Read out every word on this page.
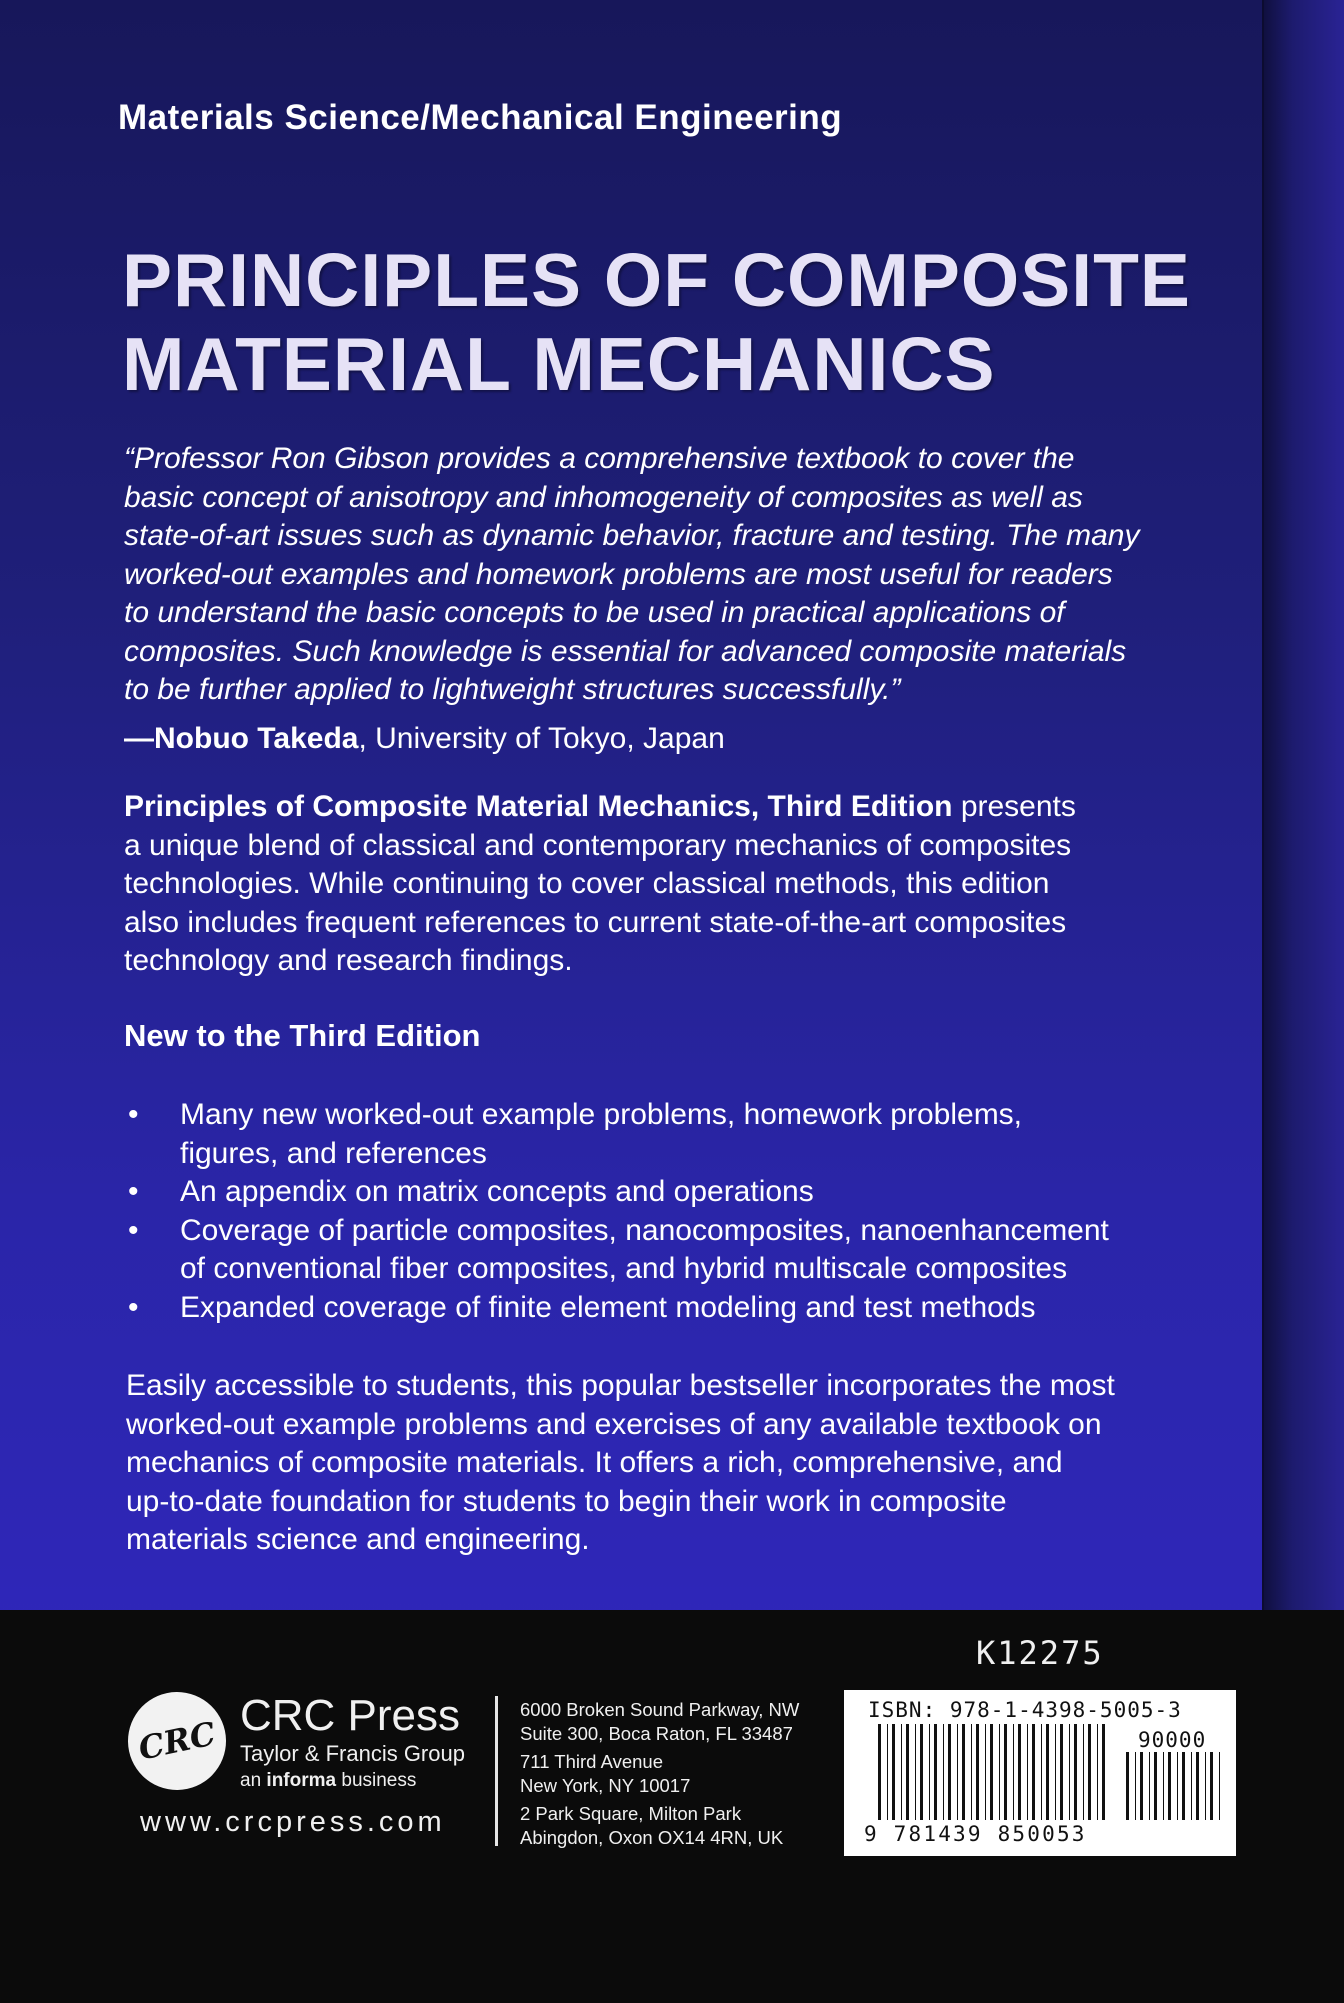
Materials Science/Mechanical Engineering
PRINCIPLES OF COMPOSITE
MATERIAL MECHANICS

“Professor Ron Gibson provides a comprehensive textbook to cover the
basic concept of anisotropy and inhomogeneity of composites as well as
state-of-art issues such as dynamic behavior, fracture and testing. The many
worked-out examples and homework problems are most useful for readers
to understand the basic concepts to be used in practical applications of
composites. Such knowledge is essential for advanced composite materials
to be further applied to lightweight structures successfully.”

—Nobuo Takeda, University of Tokyo, Japan

Principles of Composite Material Mechanics, Third Edition presents
a unique blend of classical and contemporary mechanics of composites
technologies. While continuing to cover classical methods, this edition
also includes frequent references to current state-of-the-art composites
technology and research findings.

New to the Third Edition
• Many new worked-out example problems, homework problems,
figures, and references
• An appendix on matrix concepts and operations
• Coverage of particle composites, nanocomposites, nanoenhancement
of conventional fiber composites, and hybrid multiscale composites
• Expanded coverage of finite element modeling and test methods

Easily accessible to students, this popular bestseller incorporates the most
worked-out example problems and exercises of any available textbook on
mechanics of composite materials. It offers a rich, comprehensive, and
up-to-date foundation for students to begin their work in composite
materials science and engineering.

K12275
CRC CRC Press
Taylor & Francis Group
an informa business
www.crcpress.com
6000 Broken Sound Parkway, NW
Suite 300, Boca Raton, FL 33487
711 Third Avenue
New York, NY 10017
2 Park Square, Milton Park
Abingdon, Oxon OX14 4RN, UK
ISBN: 978-1-4398-5005-3
90000
9 781439 850053
